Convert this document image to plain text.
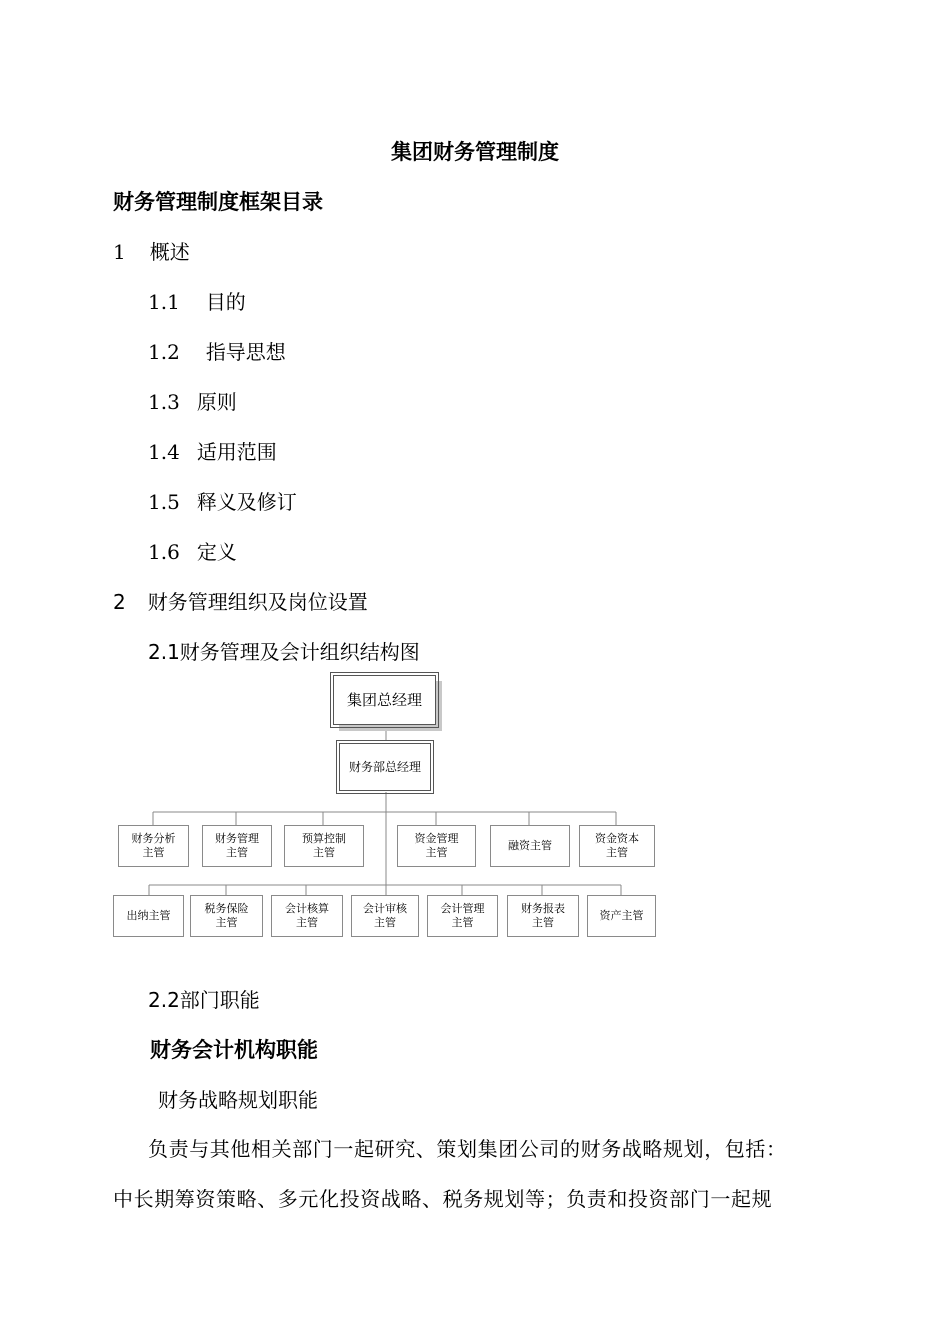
集团财务管理制度
财务管理制度框架目录
1 概述
1.1 目的
1.2 指导思想
1.3 原则
1.4 适用范围
1.5 释义及修订
1.6 定义
2 财务管理组织及岗位设置
2.1财务管理及会计组织结构图
集团总经理
财务部总经理
财务分析
主管
财务管理
主管
预算控制
主管
资金管理
主管
融资主管
资金资本
主管
出纳主管
税务保险
主管
会计核算
主管
会计审核
主管
会计管理
主管
财务报表
主管
资产主管
2.2部门职能
财务会计机构职能
财务战略规划职能
负责与其他相关部门一起研究、策划集团公司的财务战略规划，包括：
中长期筹资策略、多元化投资战略、税务规划等；负责和投资部门一起规
